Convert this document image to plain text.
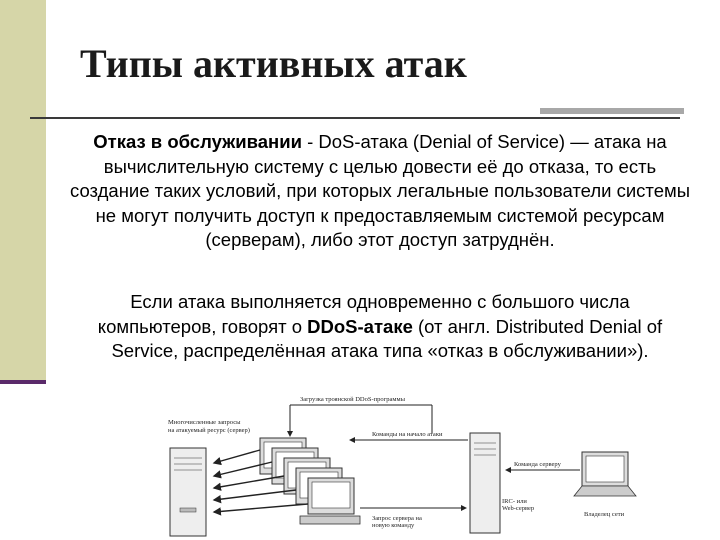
Типы активных атак

Отказ в обслуживании - DoS-атака (Denial of Service) — атака на вычислительную систему с целью довести её до отказа, то есть создание таких условий, при которых легальные пользователи системы не могут получить доступ к предоставляемым системой ресурсам (серверам), либо этот доступ затруднён.

Если атака выполняется одновременно с большого числа компьютеров, говорят о DDoS-атаке (от англ. Distributed Denial of Service, распределённая атака типа «отказ в обслуживании»).

Загрузка троянской DDoS-программы
Многочисленные запросы
на атакуемый ресурс (сервер)
Команды на начало атаки
Команда серверу
IRC- или
Web-сервер
Владелец сети
Запрос сервера на
новую команду
